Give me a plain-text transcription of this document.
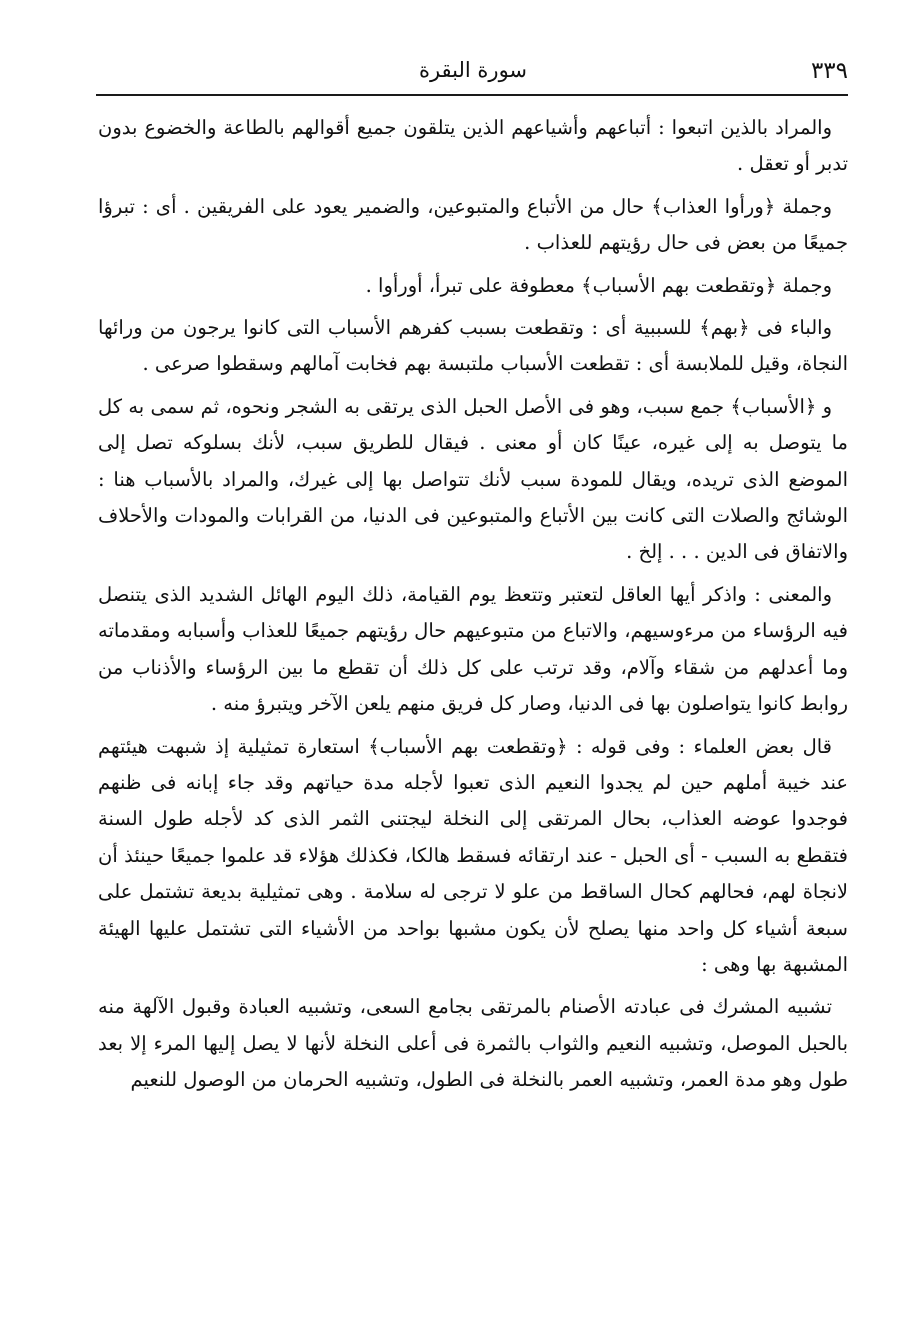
٣٣٩
سورة البقرة

والمراد بالذين اتبعوا : أتباعهم وأشياعهم الذين يتلقون جميع أقوالهم بالطاعة والخضوع بدون تدبر أو تعقل .

وجملة ﴿ورأوا العذاب﴾ حال من الأتباع والمتبوعين، والضمير يعود على الفريقين . أى : تبرؤا جميعًا من بعض فى حال رؤيتهم للعذاب .

وجملة ﴿وتقطعت بهم الأسباب﴾ معطوفة على تبرأ، أورأوا .

والباء فى ﴿بهم﴾ للسببية أى : وتقطعت بسبب كفرهم الأسباب التى كانوا يرجون من ورائها النجاة، وقيل للملابسة أى : تقطعت الأسباب ملتبسة بهم فخابت آمالهم وسقطوا صرعى .

و ﴿الأسباب﴾ جمع سبب، وهو فى الأصل الحبل الذى يرتقى به الشجر ونحوه، ثم سمى به كل ما يتوصل به إلى غيره، عينًا كان أو معنى . فيقال للطريق سبب، لأنك بسلوكه تصل إلى الموضع الذى تريده، ويقال للمودة سبب لأنك تتواصل بها إلى غيرك، والمراد بالأسباب هنا : الوشائج والصلات التى كانت بين الأتباع والمتبوعين فى الدنيا، من القرابات والمودات والأحلاف والاتفاق فى الدين . . . إلخ .

والمعنى : واذكر أيها العاقل لتعتبر وتتعظ يوم القيامة، ذلك اليوم الهائل الشديد الذى يتنصل فيه الرؤساء من مرءوسيهم، والاتباع من متبوعيهم حال رؤيتهم جميعًا للعذاب وأسبابه ومقدماته وما أعدلهم من شقاء وآلام، وقد ترتب على كل ذلك أن تقطع ما بين الرؤساء والأذناب من روابط كانوا يتواصلون بها فى الدنيا، وصار كل فريق منهم يلعن الآخر ويتبرؤ منه .

قال بعض العلماء : وفى قوله : ﴿وتقطعت بهم الأسباب﴾ استعارة تمثيلية إذ شبهت هيئتهم عند خيبة أملهم حين لم يجدوا النعيم الذى تعبوا لأجله مدة حياتهم وقد جاء إبانه فى ظنهم فوجدوا عوضه العذاب، بحال المرتقى إلى النخلة ليجتنى الثمر الذى كد لأجله طول السنة فتقطع به السبب - أى الحبل - عند ارتقائه فسقط هالكا، فكذلك هؤلاء قد علموا جميعًا حينئذ أن لانجاة لهم، فحالهم كحال الساقط من علو لا ترجى له سلامة . وهى تمثيلية بديعة تشتمل على سبعة أشياء كل واحد منها يصلح لأن يكون مشبها بواحد من الأشياء التى تشتمل عليها الهيئة المشبهة بها وهى :

تشبيه المشرك فى عبادته الأصنام بالمرتقى بجامع السعى، وتشبيه العبادة وقبول الآلهة منه بالحبل الموصل، وتشبيه النعيم والثواب بالثمرة فى أعلى النخلة لأنها لا يصل إليها المرء إلا بعد طول وهو مدة العمر، وتشبيه العمر بالنخلة فى الطول، وتشبيه الحرمان من الوصول للنعيم
